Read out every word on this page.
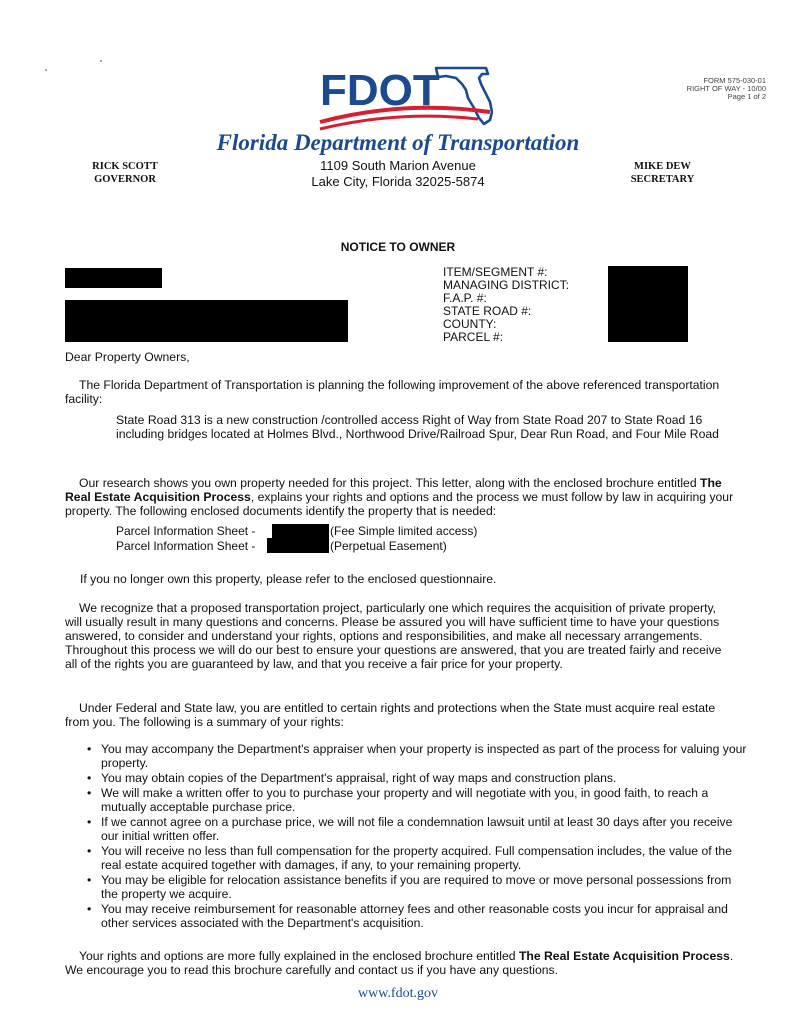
FDOT	FORM 575-030-01
RIGHT OF WAY - 10/00
Page 1 of 2
Florida Department of Transportation
1109 South Marion Avenue
Lake City, Florida 32025-5874
RICK SCOTT
GOVERNOR
MIKE DEW
SECRETARY
NOTICE TO OWNER
ITEM/SEGMENT #:
MANAGING DISTRICT:
F.A.P. #:
STATE ROAD #:
COUNTY:
PARCEL #:
Dear Property Owners,
The Florida Department of Transportation is planning the following improvement of the above referenced transportation facility:
State Road 313 is a new construction /controlled access Right of Way from State Road 207 to State Road 16 including bridges located at Holmes Blvd., Northwood Drive/Railroad Spur, Dear Run Road, and Four Mile Road
Our research shows you own property needed for this project. This letter, along with the enclosed brochure entitled The Real Estate Acquisition Process, explains your rights and options and the process we must follow by law in acquiring your property. The following enclosed documents identify the property that is needed:
Parcel Information Sheet -	(Fee Simple limited access)
Parcel Information Sheet -	(Perpetual Easement)
If you no longer own this property, please refer to the enclosed questionnaire.
We recognize that a proposed transportation project, particularly one which requires the acquisition of private property, will usually result in many questions and concerns. Please be assured you will have sufficient time to have your questions answered, to consider and understand your rights, options and responsibilities, and make all necessary arrangements. Throughout this process we will do our best to ensure your questions are answered, that you are treated fairly and receive all of the rights you are guaranteed by law, and that you receive a fair price for your property.
Under Federal and State law, you are entitled to certain rights and protections when the State must acquire real estate from you. The following is a summary of your rights:
• You may accompany the Department's appraiser when your property is inspected as part of the process for valuing your property.
• You may obtain copies of the Department's appraisal, right of way maps and construction plans.
• We will make a written offer to you to purchase your property and will negotiate with you, in good faith, to reach a mutually acceptable purchase price.
• If we cannot agree on a purchase price, we will not file a condemnation lawsuit until at least 30 days after you receive our initial written offer.
• You will receive no less than full compensation for the property acquired. Full compensation includes, the value of the real estate acquired together with damages, if any, to your remaining property.
• You may be eligible for relocation assistance benefits if you are required to move or move personal possessions from the property we acquire.
• You may receive reimbursement for reasonable attorney fees and other reasonable costs you incur for appraisal and other services associated with the Department's acquisition.
Your rights and options are more fully explained in the enclosed brochure entitled The Real Estate Acquisition Process. We encourage you to read this brochure carefully and contact us if you have any questions.
www.fdot.gov
